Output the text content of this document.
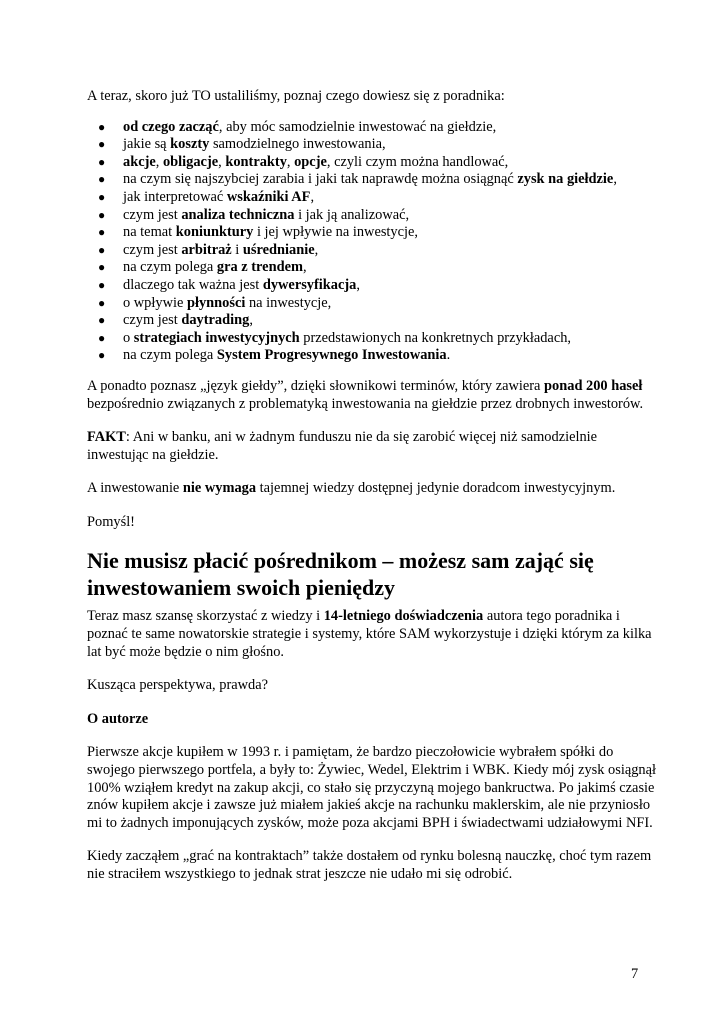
A teraz, skoro już TO ustaliliśmy, poznaj czego dowiesz się z poradnika:

● od czego zacząć, aby móc samodzielnie inwestować na giełdzie,
● jakie są koszty samodzielnego inwestowania,
● akcje, obligacje, kontrakty, opcje, czyli czym można handlować,
● na czym się najszybciej zarabia i jaki tak naprawdę można osiągnąć zysk na giełdzie,
● jak interpretować wskaźniki AF,
● czym jest analiza techniczna i jak ją analizować,
● na temat koniunktury i jej wpływie na inwestycje,
● czym jest arbitraż i uśrednianie,
● na czym polega gra z trendem,
● dlaczego tak ważna jest dywersyfikacja,
● o wpływie płynności na inwestycje,
● czym jest daytrading,
● o strategiach inwestycyjnych przedstawionych na konkretnych przykładach,
● na czym polega System Progresywnego Inwestowania.

A ponadto poznasz „język giełdy”, dzięki słownikowi terminów, który zawiera ponad 200 haseł bezpośrednio związanych z problematyką inwestowania na giełdzie przez drobnych inwestorów.

FAKT: Ani w banku, ani w żadnym funduszu nie da się zarobić więcej niż samodzielnie inwestując na giełdzie.

A inwestowanie nie wymaga tajemnej wiedzy dostępnej jedynie doradcom inwestycyjnym.

Pomyśl!

Nie musisz płacić pośrednikom – możesz sam zająć się inwestowaniem swoich pieniędzy

Teraz masz szansę skorzystać z wiedzy i 14-letniego doświadczenia autora tego poradnika i poznać te same nowatorskie strategie i systemy, które SAM wykorzystuje i dzięki którym za kilka lat być może będzie o nim głośno.

Kusząca perspektywa, prawda?

O autorze

Pierwsze akcje kupiłem w 1993 r. i pamiętam, że bardzo pieczołowicie wybrałem spółki do swojego pierwszego portfela, a były to: Żywiec, Wedel, Elektrim i WBK. Kiedy mój zysk osiągnął 100% wziąłem kredyt na zakup akcji, co stało się przyczyną mojego bankructwa. Po jakimś czasie znów kupiłem akcje i zawsze już miałem jakieś akcje na rachunku maklerskim, ale nie przyniosło mi to żadnych imponujących zysków, może poza akcjami BPH i świadectwami udziałowymi NFI.

Kiedy zacząłem „grać na kontraktach” także dostałem od rynku bolesną nauczkę, choć tym razem nie straciłem wszystkiego to jednak strat jeszcze nie udało mi się odrobić.

7
